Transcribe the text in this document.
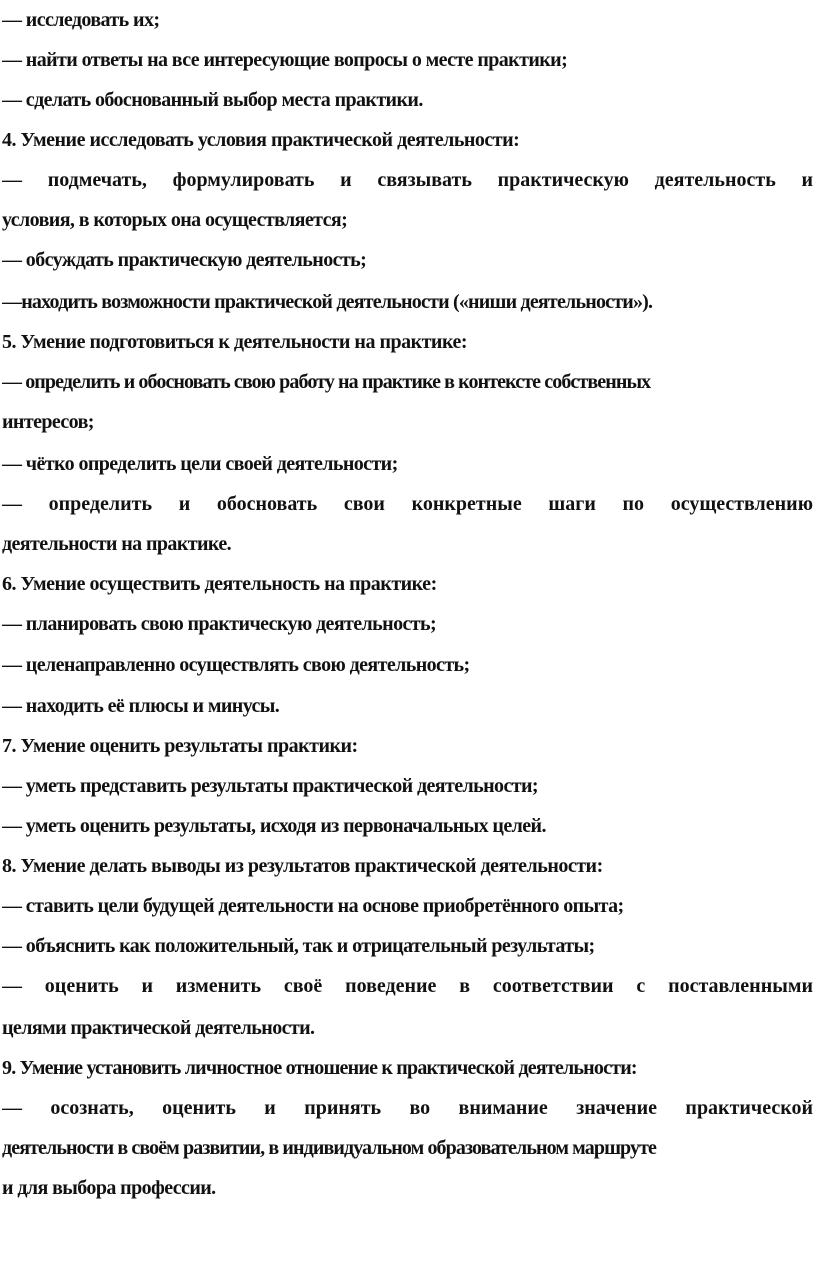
— исследовать их;
— найти ответы на все интересующие вопросы о месте практики;
— сделать обоснованный выбор места практики.
4. Умение исследовать условия практической деятельности:
— подмечать, формулировать и связывать практическую деятельность и
условия, в которых она осуществляется;
— обсуждать практическую деятельность;
—находить возможности практической деятельности («ниши деятельности»).
5. Умение подготовиться к деятельности на практике:
— определить и обосновать свою работу на практике в контексте собственных
интересов;
— чётко определить цели своей деятельности;
— определить и обосновать свои конкретные шаги по осуществлению
деятельности на практике.
6. Умение осуществить деятельность на практике:
— планировать свою практическую деятельность;
— целенаправленно осуществлять свою деятельность;
— находить её плюсы и минусы.
7. Умение оценить результаты практики:
— уметь представить результаты практической деятельности;
— уметь оценить результаты, исходя из первоначальных целей.
8. Умение делать выводы из результатов практической деятельности:
— ставить цели будущей деятельности на основе приобретённого опыта;
— объяснить как положительный, так и отрицательный результаты;
— оценить и изменить своё поведение в соответствии с поставленными
целями практической деятельности.
9. Умение установить личностное отношение к практической деятельности:
— осознать, оценить и принять во внимание значение практической
деятельности в своём развитии, в индивидуальном образовательном маршруте
и для выбора профессии.
